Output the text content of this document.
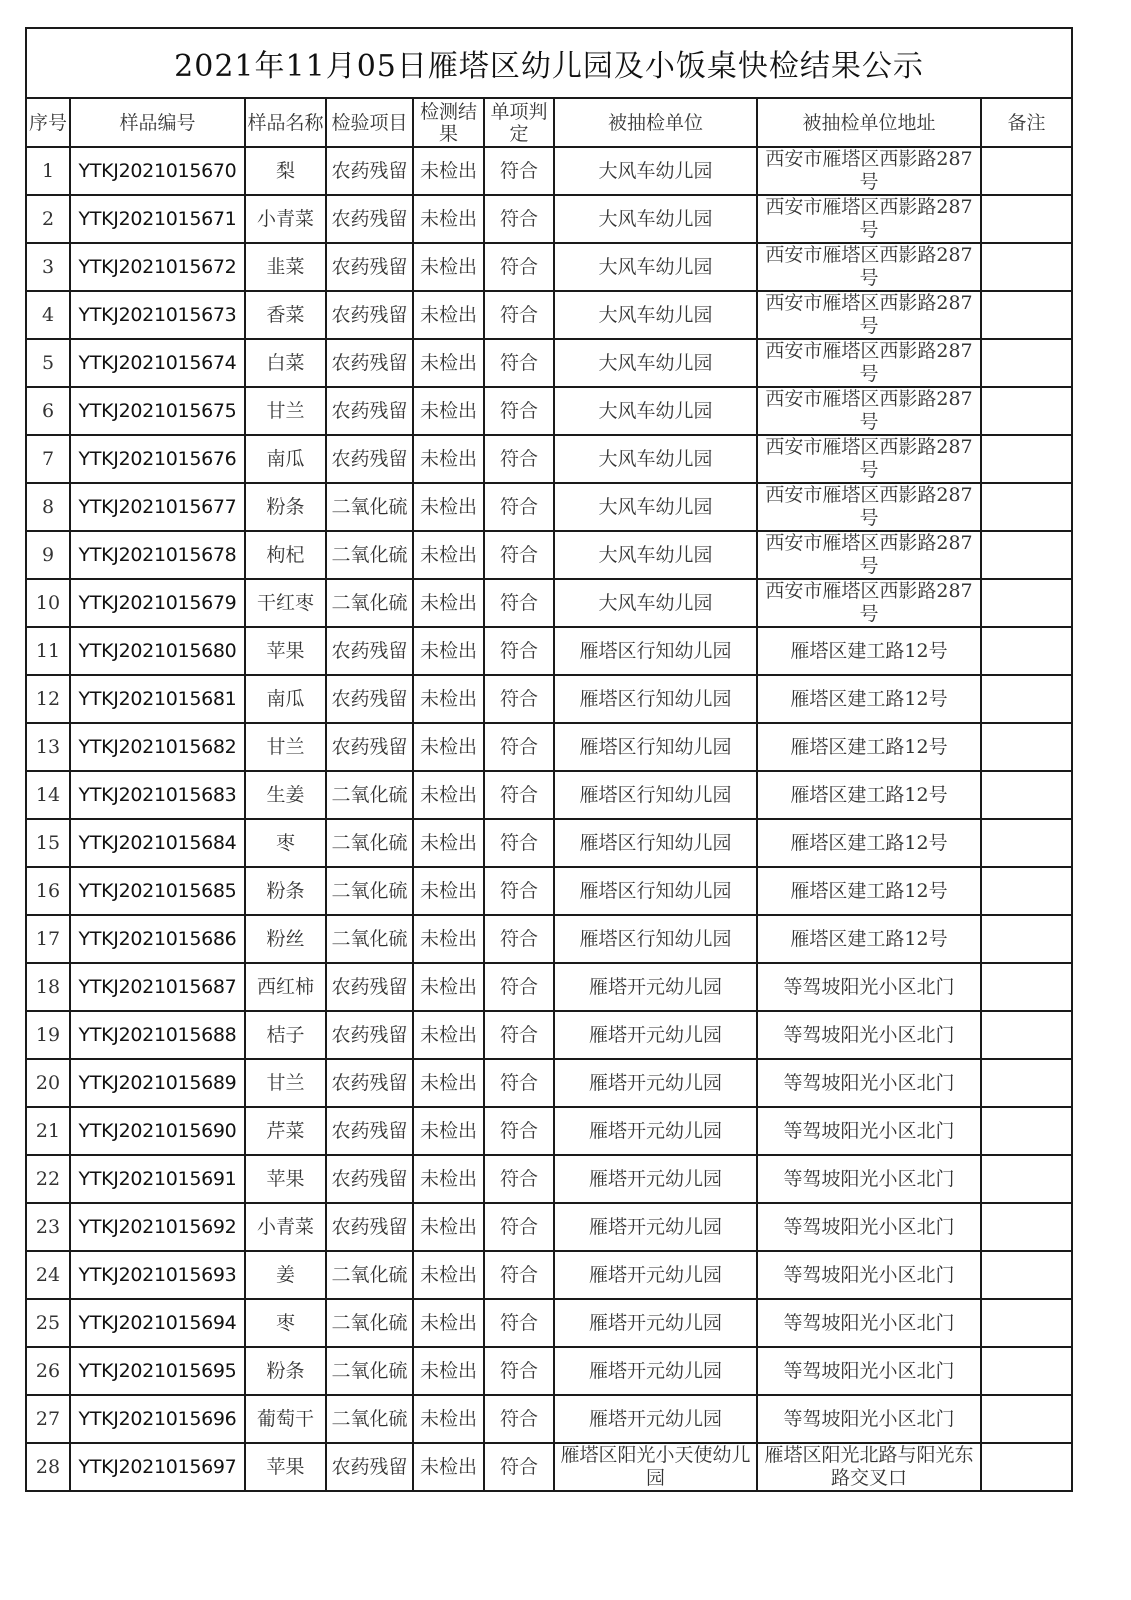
2021年11月05日雁塔区幼儿园及小饭桌快检结果公示								
序号	样品编号	样品名称	检验项目	检测结果	单项判定	被抽检单位	被抽检单位地址	备注
1	YTKJ2021015670	梨	农药残留	未检出	符合	大风车幼儿园	西安市雁塔区西影路287号	
2	YTKJ2021015671	小青菜	农药残留	未检出	符合	大风车幼儿园	西安市雁塔区西影路287号	
3	YTKJ2021015672	韭菜	农药残留	未检出	符合	大风车幼儿园	西安市雁塔区西影路287号	
4	YTKJ2021015673	香菜	农药残留	未检出	符合	大风车幼儿园	西安市雁塔区西影路287号	
5	YTKJ2021015674	白菜	农药残留	未检出	符合	大风车幼儿园	西安市雁塔区西影路287号	
6	YTKJ2021015675	甘兰	农药残留	未检出	符合	大风车幼儿园	西安市雁塔区西影路287号	
7	YTKJ2021015676	南瓜	农药残留	未检出	符合	大风车幼儿园	西安市雁塔区西影路287号	
8	YTKJ2021015677	粉条	二氧化硫	未检出	符合	大风车幼儿园	西安市雁塔区西影路287号	
9	YTKJ2021015678	枸杞	二氧化硫	未检出	符合	大风车幼儿园	西安市雁塔区西影路287号	
10	YTKJ2021015679	干红枣	二氧化硫	未检出	符合	大风车幼儿园	西安市雁塔区西影路287号	
11	YTKJ2021015680	苹果	农药残留	未检出	符合	雁塔区行知幼儿园	雁塔区建工路12号	
12	YTKJ2021015681	南瓜	农药残留	未检出	符合	雁塔区行知幼儿园	雁塔区建工路12号	
13	YTKJ2021015682	甘兰	农药残留	未检出	符合	雁塔区行知幼儿园	雁塔区建工路12号	
14	YTKJ2021015683	生姜	二氧化硫	未检出	符合	雁塔区行知幼儿园	雁塔区建工路12号	
15	YTKJ2021015684	枣	二氧化硫	未检出	符合	雁塔区行知幼儿园	雁塔区建工路12号	
16	YTKJ2021015685	粉条	二氧化硫	未检出	符合	雁塔区行知幼儿园	雁塔区建工路12号	
17	YTKJ2021015686	粉丝	二氧化硫	未检出	符合	雁塔区行知幼儿园	雁塔区建工路12号	
18	YTKJ2021015687	西红柿	农药残留	未检出	符合	雁塔开元幼儿园	等驾坡阳光小区北门	
19	YTKJ2021015688	桔子	农药残留	未检出	符合	雁塔开元幼儿园	等驾坡阳光小区北门	
20	YTKJ2021015689	甘兰	农药残留	未检出	符合	雁塔开元幼儿园	等驾坡阳光小区北门	
21	YTKJ2021015690	芹菜	农药残留	未检出	符合	雁塔开元幼儿园	等驾坡阳光小区北门	
22	YTKJ2021015691	苹果	农药残留	未检出	符合	雁塔开元幼儿园	等驾坡阳光小区北门	
23	YTKJ2021015692	小青菜	农药残留	未检出	符合	雁塔开元幼儿园	等驾坡阳光小区北门	
24	YTKJ2021015693	姜	二氧化硫	未检出	符合	雁塔开元幼儿园	等驾坡阳光小区北门	
25	YTKJ2021015694	枣	二氧化硫	未检出	符合	雁塔开元幼儿园	等驾坡阳光小区北门	
26	YTKJ2021015695	粉条	二氧化硫	未检出	符合	雁塔开元幼儿园	等驾坡阳光小区北门	
27	YTKJ2021015696	葡萄干	二氧化硫	未检出	符合	雁塔开元幼儿园	等驾坡阳光小区北门	
28	YTKJ2021015697	苹果	农药残留	未检出	符合	雁塔区阳光小天使幼儿园	雁塔区阳光北路与阳光东路交叉口	
